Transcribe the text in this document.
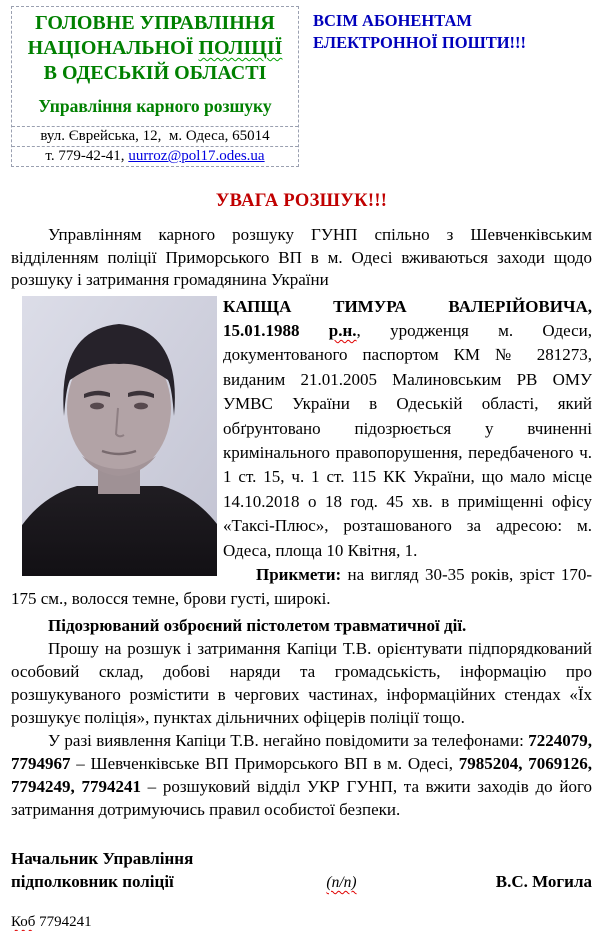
ГОЛОВНЕ УПРАВЛІННЯ
НАЦІОНАЛЬНОЇ ПОЛІЦІЇ
В ОДЕСЬКІЙ ОБЛАСТІ
Управління карного розшуку
вул. Єврейська, 12,  м. Одеса, 65014
т. 779-42-41, uurroz@pol17.odes.ua
ВСІМ АБОНЕНТАМ
ЕЛЕКТРОННОЇ ПОШТИ!!!
УВАГА РОЗШУК!!!

Управлінням карного розшуку ГУНП спільно з Шевченківським відділенням поліції Приморського ВП в м. Одесі вживаються заходи щодо розшуку і затримання громадянина України

КАПЩА ТИМУРА ВАЛЕРІЙОВИЧА, 15.01.1988 р.н., уродженця м. Одеси, документованого паспортом КМ № 281273, виданим 21.01.2005 Малиновським РВ ОМУ УМВС України в Одеській області, який обґрунтовано підозрюється у вчиненні кримінального правопорушення, передбаченого ч. 1 ст. 15, ч. 1 ст. 115 КК України, що мало місце 14.10.2018 о 18 год. 45 хв. в приміщенні офісу «Таксі-Плюс», розташованого за адресою: м. Одеса, площа 10 Квітня, 1.

Прикмети: на вигляд 30-35 років, зріст 170-175 см., волосся темне, брови густі, широкі.

Підозрюваний озброєний пістолетом травматичної дії.

Прошу на розшук і затримання Капіци Т.В. орієнтувати підпорядкований особовий склад, добові наряди та громадськість, інформацію про розшукуваного розмістити в чергових частинах, інформаційних стендах «Їх розшукує поліція», пунктах дільничних офіцерів поліції тощо.

У разі виявлення Капіци Т.В. негайно повідомити за телефонами: 7224079, 7794967 – Шевченківське ВП Приморського ВП в м. Одесі, 7985204, 7069126, 7794249, 7794241 – розшуковий відділ УКР ГУНП, та вжити заходів до його затримання дотримуючись правил особистої безпеки.

Начальник Управління
підполковник поліції	(п/п)	В.С. Могила
Коб 7794241
